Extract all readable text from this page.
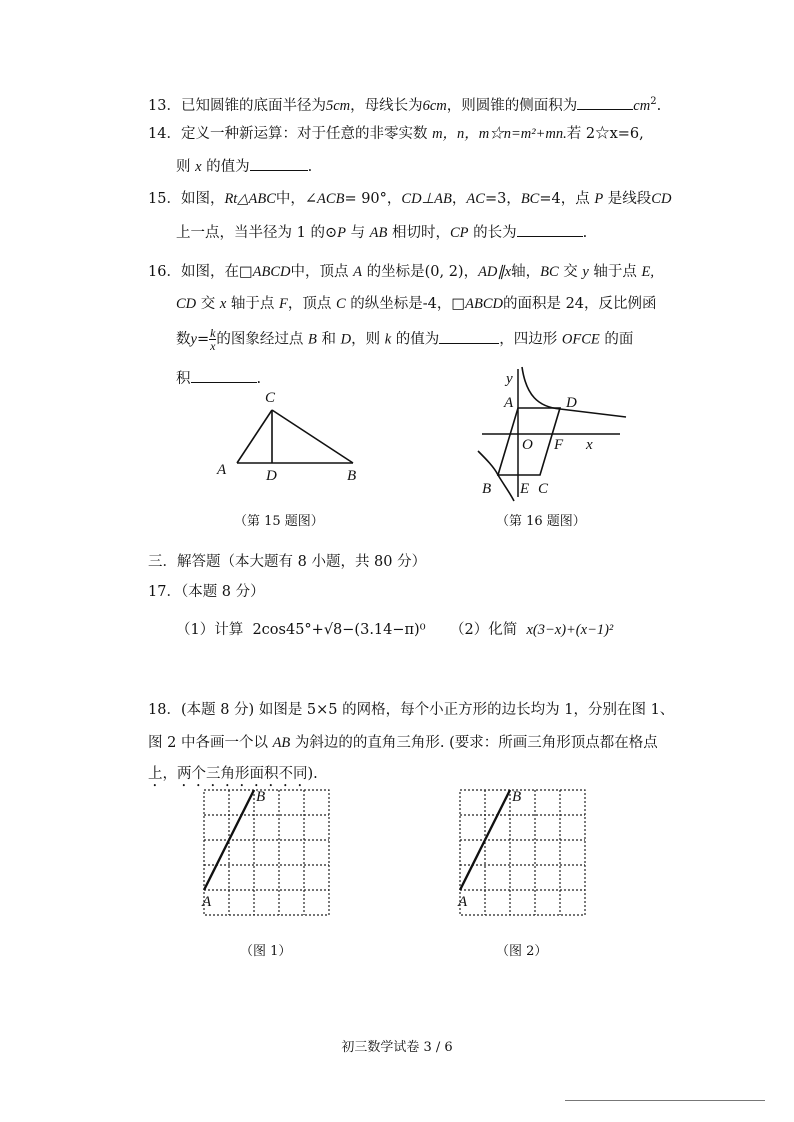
13．已知圆锥的底面半径为5cm，母线长为6cm，则圆锥的侧面积为	$cm^2$.
14．定义一种新运算：对于任意的非零实数 m，n，m☆n=m²+mn.若 2☆x=6,
则 x 的值为	.
15．如图，Rt△ABC中，∠ACB= 90°，CD⊥AB，AC=3，BC=4，点 P 是线段CD
上一点，当半径为 1 的⊙P 与 AB 相切时，CP 的长为	.
16．如图，在□ABCD中，顶点 A 的坐标是(0, 2)，AD∥x轴，BC 交 y 轴于点 E,
CD 交 x 轴于点 F，顶点 C 的纵坐标是-4，□ABCD的面积是 24，反比例函
数$y= \frac{k}{x}$ 的图象经过点 B 和 D，则 k 的值为	，四边形 OFCE 的面
积	.
C
A	D	B
（第 15 题图）
y
A	D
O F x
B E C
（第 16 题图）
三．解答题（本大题有 8 小题，共 80 分）
17．（本题 8 分）
（1）计算 2cos45°+√8−(3.14−π)⁰ （2）化简 x(3−x)+(x−1)²
18．(本题 8 分) 如图是 5×5 的网格，每个小正方形的边长均为 1，分别在图 1、
图 2 中各画一个以 AB 为斜边的的直角三角形. (要求：所画三角形顶点都在格点
上，两个三角形面积不同).
B
A
（图 1）
B
A
（图 2）
初三数学试卷 3 / 6
